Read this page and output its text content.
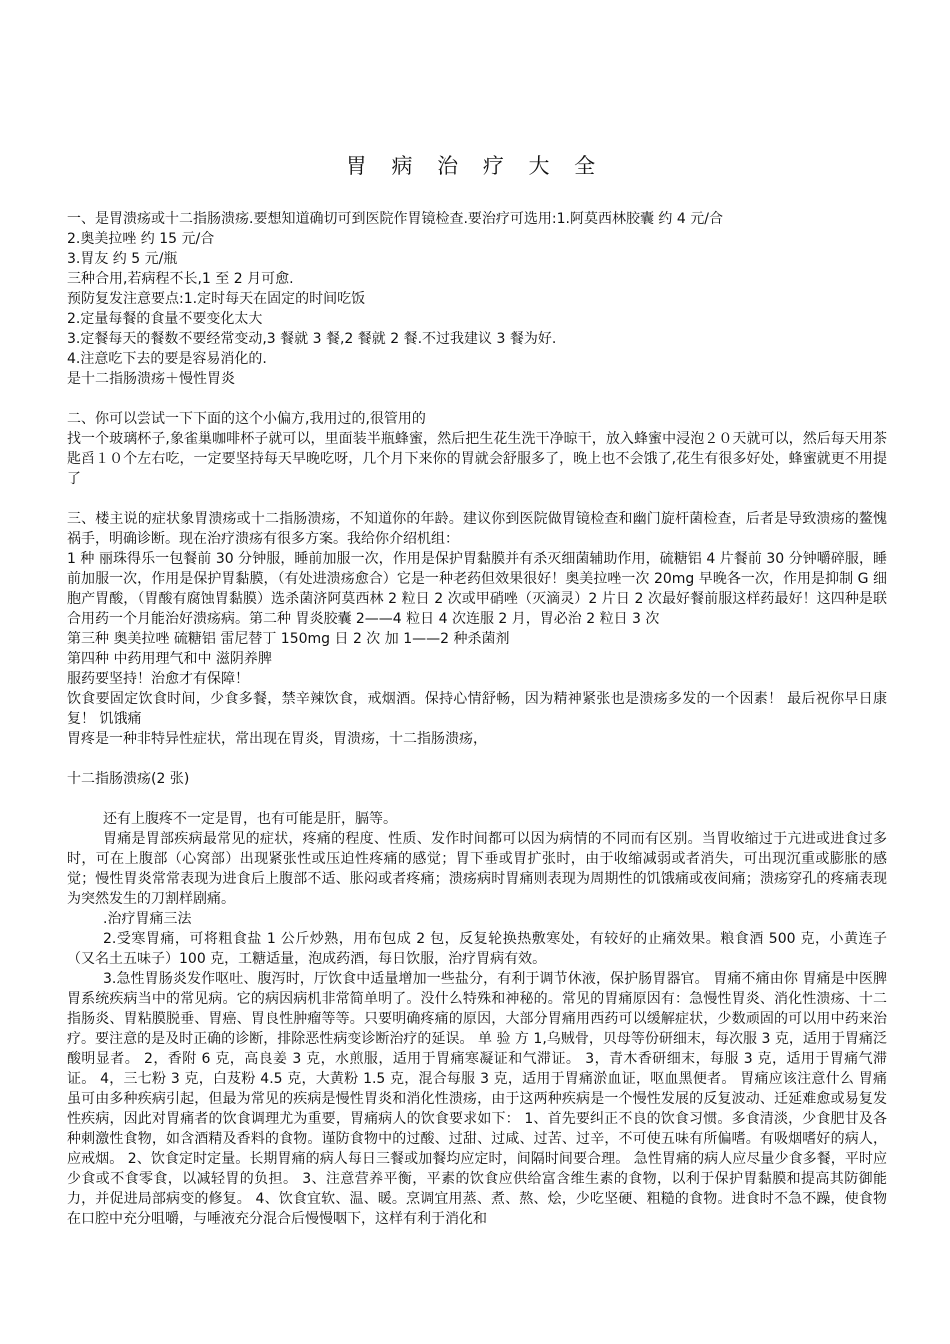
胃 病 治 疗 大 全
一、是胃溃疡或十二指肠溃疡.要想知道确切可到医院作胃镜检查.要治疗可选用:1.阿莫西林胶囊 约 4 元/合
2.奥美拉唑 约 15 元/合
3.胃友 约 5 元/瓶
三种合用,若病程不长,1 至 2 月可愈.
预防复发注意要点:1.定时每天在固定的时间吃饭
2.定量每餐的食量不要变化太大
3.定餐每天的餐数不要经常变动,3 餐就 3 餐,2 餐就 2 餐.不过我建议 3 餐为好.
4.注意吃下去的要是容易消化的.
是十二指肠溃疡＋慢性胃炎
二、你可以尝试一下下面的这个小偏方,我用过的,很管用的

找一个玻璃杯子,象雀巢咖啡杯子就可以，里面装半瓶蜂蜜，然后把生花生洗干净晾干，放入蜂蜜中浸泡２０天就可以，然后每天用茶匙舀１０个左右吃，一定要坚持每天早晚吃呀，几个月下来你的胃就会舒服多了，晚上也不会饿了,花生有很多好处，蜂蜜就更不用提了

三、楼主说的症状象胃溃疡或十二指肠溃疡，不知道你的年龄。建议你到医院做胃镜检查和幽门旋杆菌检查，后者是导致溃疡的鳌愧祸手，明确诊断。现在治疗溃疡有很多方案。我给你介绍机组：

1 种 丽珠得乐一包餐前 30 分钟服，睡前加服一次，作用是保护胃黏膜并有杀灭细菌辅助作用，硫糖铝 4 片餐前 30 分钟嚼碎服，睡前加服一次，作用是保护胃黏膜，（有处进溃疡愈合）它是一种老药但效果很好！奥美拉唑一次 20mg 早晚各一次，作用是抑制 G 细胞产胃酸，（胃酸有腐蚀胃黏膜）选杀菌济阿莫西林 2 粒日 2 次或甲硝唑（灭滴灵）2 片日 2 次最好餐前服这样药最好！这四种是联合用药一个月能治好溃疡病。第二种 胃炎胶囊 2——4 粒日 4 次连服 2 月，胃必治 2 粒日 3 次

第三种 奥美拉唑 硫糖铝 雷尼替丁 150mg 日 2 次 加 1——2 种杀菌剂
第四种 中药用理气和中 滋阴养脾
服药要坚持！治愈才有保障！

饮食要固定饮食时间，少食多餐，禁辛辣饮食，戒烟酒。保持心情舒畅，因为精神紧张也是溃疡多发的一个因素！ 最后祝你早日康复！ 饥饿痛

胃疼是一种非特异性症状，常出现在胃炎，胃溃疡，十二指肠溃疡，
十二指肠溃疡(2 张)

还有上腹疼不一定是胃，也有可能是肝，膈等。

胃痛是胃部疾病最常见的症状，疼痛的程度、性质、发作时间都可以因为病情的不同而有区别。当胃收缩过于亢进或进食过多时，可在上腹部（心窝部）出现紧张性或压迫性疼痛的感觉；胃下垂或胃扩张时，由于收缩减弱或者消失，可出现沉重或膨胀的感觉；慢性胃炎常常表现为进食后上腹部不适、胀闷或者疼痛；溃疡病时胃痛则表现为周期性的饥饿痛或夜间痛；溃疡穿孔的疼痛表现为突然发生的刀割样剧痛。

.治疗胃痛三法

2.受寒胃痛，可将粗食盐 1 公斤炒熟，用布包成 2 包，反复轮换热敷寒处，有较好的止痛效果。粮食酒 500 克，小黄连子（又名土五味子）100 克，工糖适量，泡成药酒，每日饮服，治疗胃病有效。

3.急性胃肠炎发作呕吐、腹泻时，厅饮食中适量增加一些盐分，有利于调节休液，保护肠胃器官。 胃痛不痛由你 胃痛是中医脾胃系统疾病当中的常见病。它的病因病机非常简单明了。没什么特殊和神秘的。常见的胃痛原因有：急慢性胃炎、消化性溃疡、十二指肠炎、胃粘膜脱垂、胃癌、胃良性肿瘤等等。只要明确疼痛的原因，大部分胃痛用西药可以缓解症状，少数顽固的可以用中药来治疗。要注意的是及时正确的诊断，排除恶性病变诊断治疗的延误。 单 验 方 1,乌贼骨，贝母等份研细末，每次服 3 克，适用于胃痛泛酸明显者。 2，香附 6 克，高良姜 3 克，水煎服，适用于胃痛寒凝证和气滞证。 3，青木香研细末，每服 3 克，适用于胃痛气滞证。 4，三七粉 3 克，白芨粉 4.5 克，大黄粉 1.5 克，混合每服 3 克，适用于胃痛淤血证，呕血黑便者。 胃痛应该注意什么 胃痛虽可由多种疾病引起，但最为常见的疾病是慢性胃炎和消化性溃疡，由于这两种疾病是一个慢性发展的反复波动、迁延难愈或易复发性疾病，因此对胃痛者的饮食调理尤为重要，胃痛病人的饮食要求如下： 1、首先要纠正不良的饮食习惯。多食清淡，少食肥甘及各种刺激性食物，如含酒精及香料的食物。谨防食物中的过酸、过甜、过咸、过苦、过辛，不可使五味有所偏嗜。有吸烟嗜好的病人，应戒烟。 2、饮食定时定量。长期胃痛的病人每日三餐或加餐均应定时，间隔时间要合理。 急性胃痛的病人应尽量少食多餐，平时应少食或不食零食，以减轻胃的负担。 3、注意营养平衡，平素的饮食应供给富含维生素的食物，以利于保护胃黏膜和提高其防御能力，并促进局部病变的修复。 4、饮食宜软、温、暖。烹调宜用蒸、煮、熬、烩，少吃坚硬、粗糙的食物。进食时不急不躁，使食物在口腔中充分咀嚼，与唾液充分混合后慢慢咽下，这样有利于消化和
